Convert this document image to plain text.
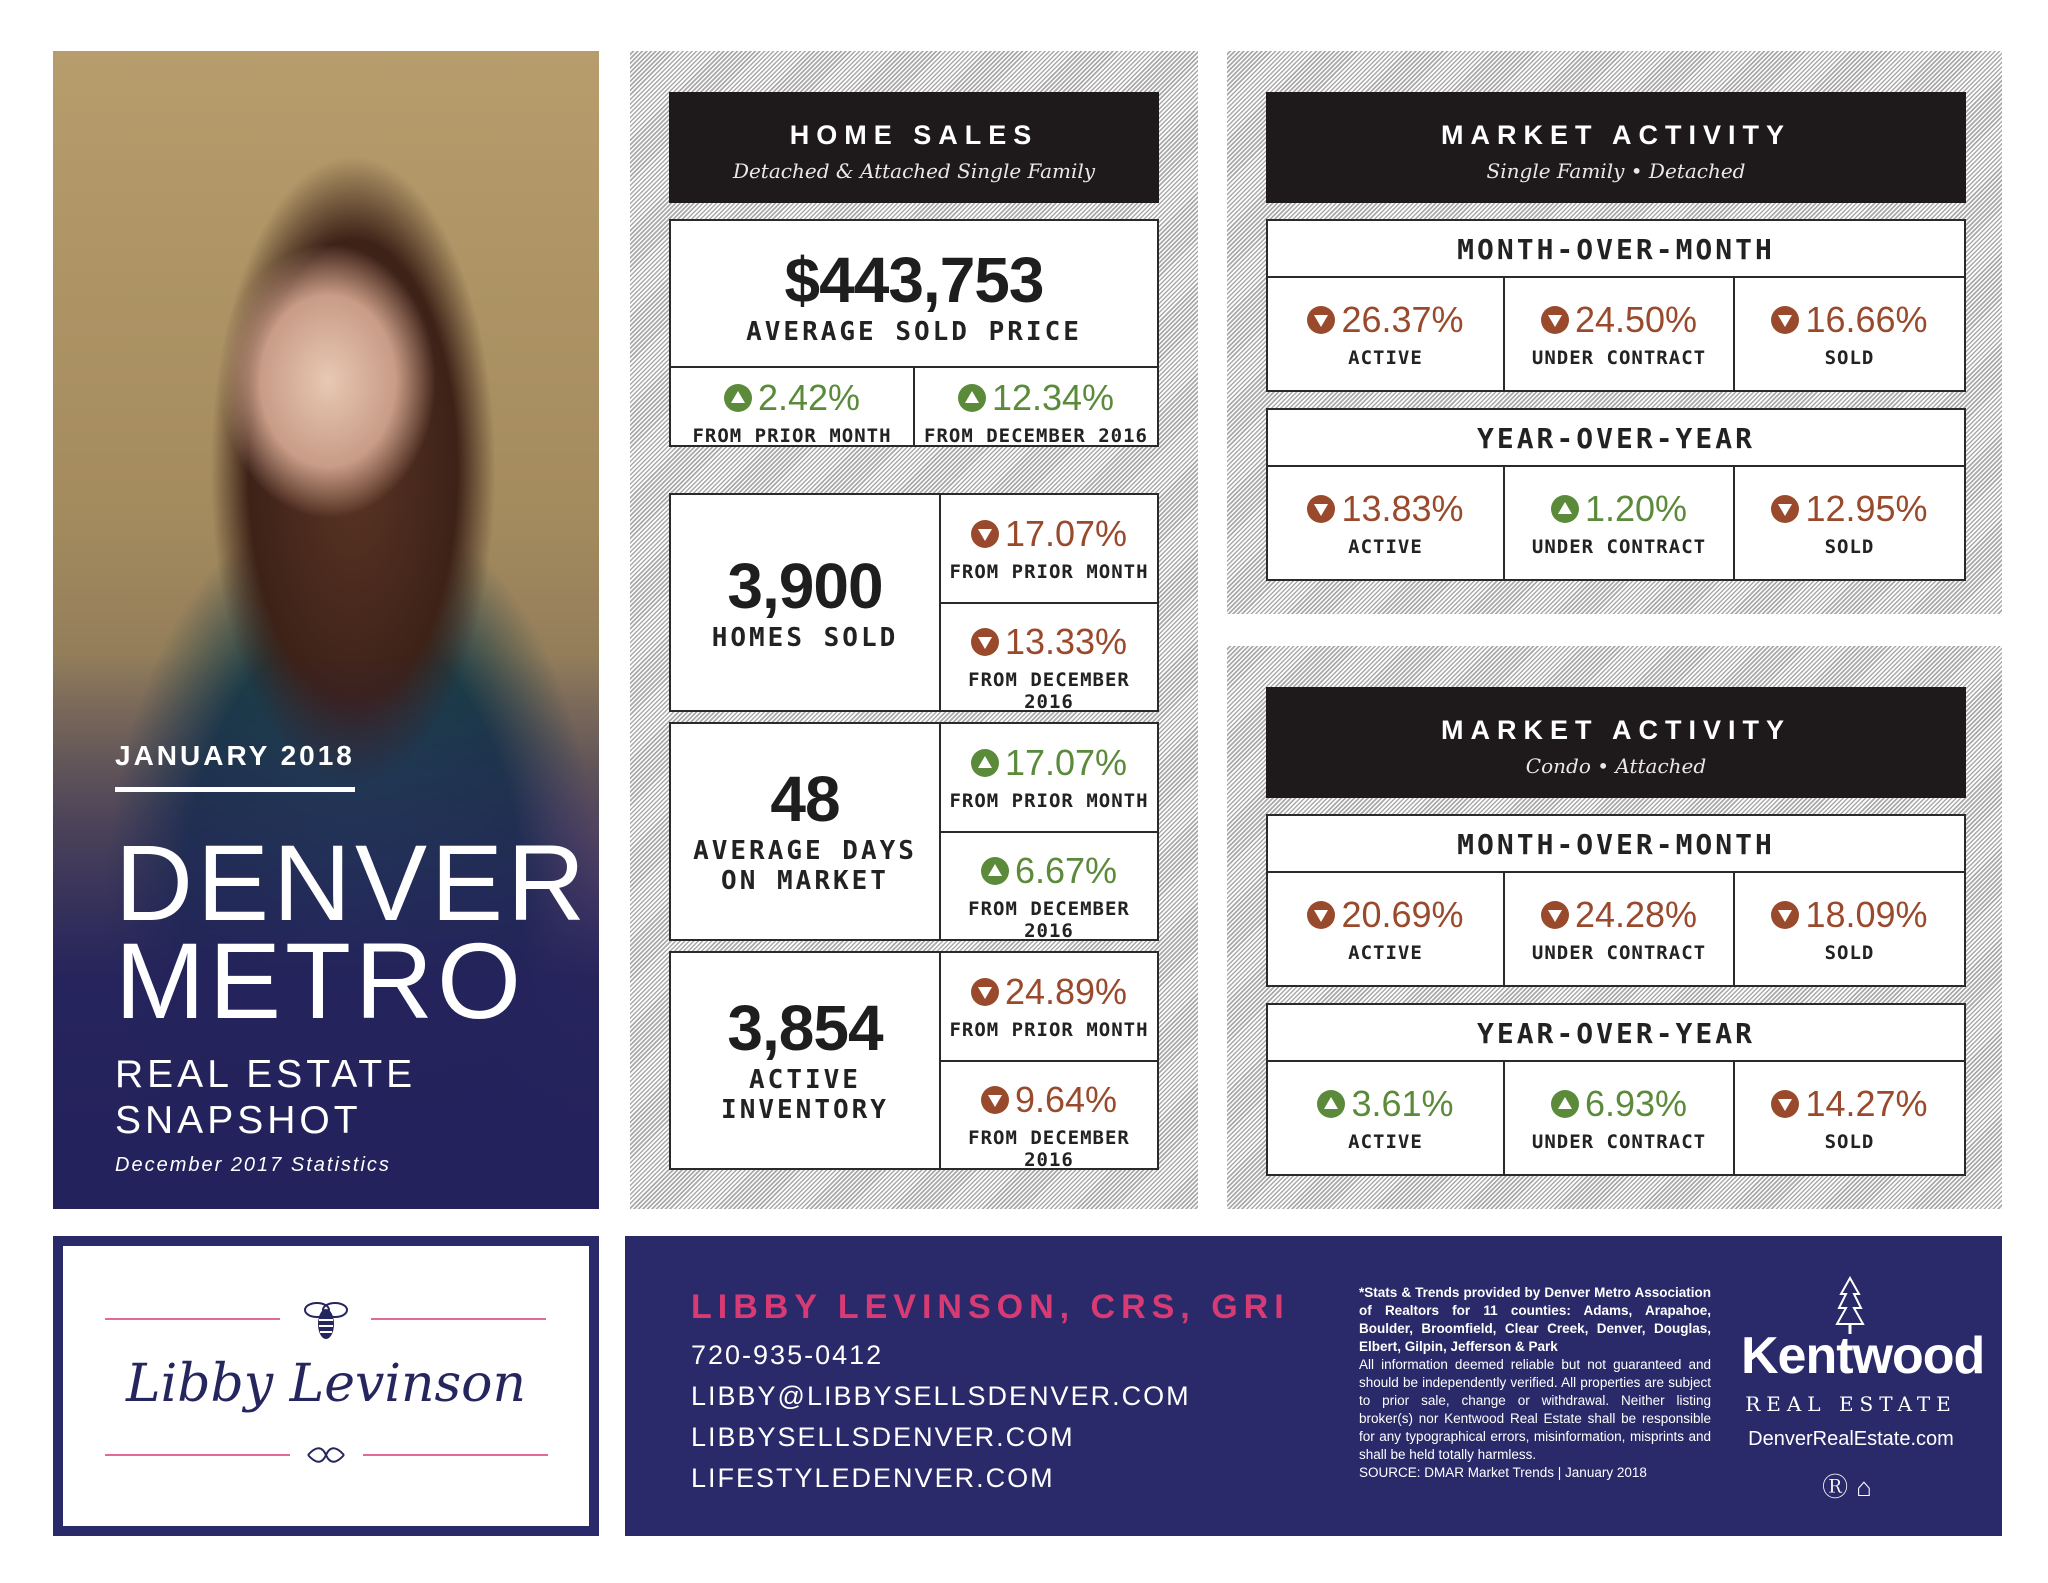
JANUARY 2018
DENVER
METRO
REAL ESTATE
SNAPSHOT
December 2017 Statistics
HOME SALES
Detached & Attached Single Family
$443,753
AVERAGE SOLD PRICE
2.42%
FROM PRIOR MONTH
12.34%
FROM DECEMBER 2016
3,900
HOMES SOLD
17.07%
FROM PRIOR MONTH
13.33%
FROM DECEMBER 2016
48
AVERAGE DAYS
ON MARKET
17.07%
FROM PRIOR MONTH
6.67%
FROM DECEMBER 2016
3,854
ACTIVE
INVENTORY
24.89%
FROM PRIOR MONTH
9.64%
FROM DECEMBER 2016
MARKET ACTIVITY
Single Family • Detached
MONTH-OVER-MONTH
26.37%
ACTIVE
24.50%
UNDER CONTRACT
16.66%
SOLD
YEAR-OVER-YEAR
13.83%
ACTIVE
1.20%
UNDER CONTRACT
12.95%
SOLD
MARKET ACTIVITY
Condo • Attached
MONTH-OVER-MONTH
20.69%
ACTIVE
24.28%
UNDER CONTRACT
18.09%
SOLD
YEAR-OVER-YEAR
3.61%
ACTIVE
6.93%
UNDER CONTRACT
14.27%
SOLD
Libby Levinson
LIBBY LEVINSON, CRS, GRI
720-935-0412
LIBBY@LIBBYSELLSDENVER.COM
LIBBYSELLSDENVER.COM
LIFESTYLEDENVER.COM
*Stats & Trends provided by Denver Metro Association of Realtors for 11 counties: Adams, Arapahoe, Boulder, Broomfield, Clear Creek, Denver, Douglas, Elbert, Gilpin, Jefferson & Park
All information deemed reliable but not guaranteed and should be independently verified. All properties are subject to prior sale, change or withdrawal. Neither listing broker(s) nor Kentwood Real Estate shall be responsible for any typographical errors, misinformation, misprints and shall be held totally harmless.
SOURCE: DMAR Market Trends | January 2018
Kentwood
REAL ESTATE
DenverRealEstate.com
Ⓡ⌂
